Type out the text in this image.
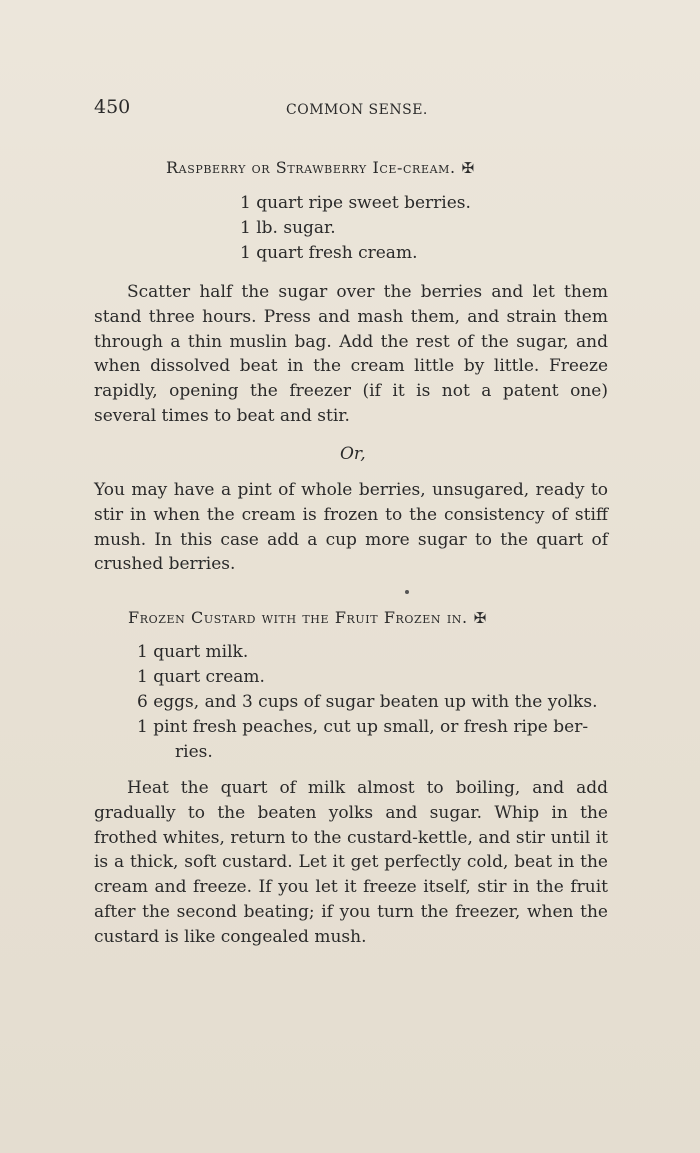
450	COMMON SENSE.
Raspberry or Strawberry Ice-cream. ✠
1 quart ripe sweet berries.
1 lb. sugar.
1 quart fresh cream.

Scatter half the sugar over the berries and let them stand three hours. Press and mash them, and strain them through a thin muslin bag. Add the rest of the sugar, and when dissolved beat in the cream little by little. Freeze rapidly, opening the freezer (if it is not a patent one) several times to beat and stir.

Or,

You may have a pint of whole berries, unsugared, ready to stir in when the cream is frozen to the consistency of stiff mush. In this case add a cup more sugar to the quart of crushed berries.

Frozen Custard with the Fruit Frozen in. ✠
1 quart milk.
1 quart cream.
6 eggs, and 3 cups of sugar beaten up with the yolks.
1 pint fresh peaches, cut up small, or fresh ripe ber-
ries.

Heat the quart of milk almost to boiling, and add gradually to the beaten yolks and sugar. Whip in the frothed whites, return to the custard-kettle, and stir until it is a thick, soft custard. Let it get perfectly cold, beat in the cream and freeze. If you let it freeze itself, stir in the fruit after the second beating; if you turn the freezer, when the custard is like congealed mush.
